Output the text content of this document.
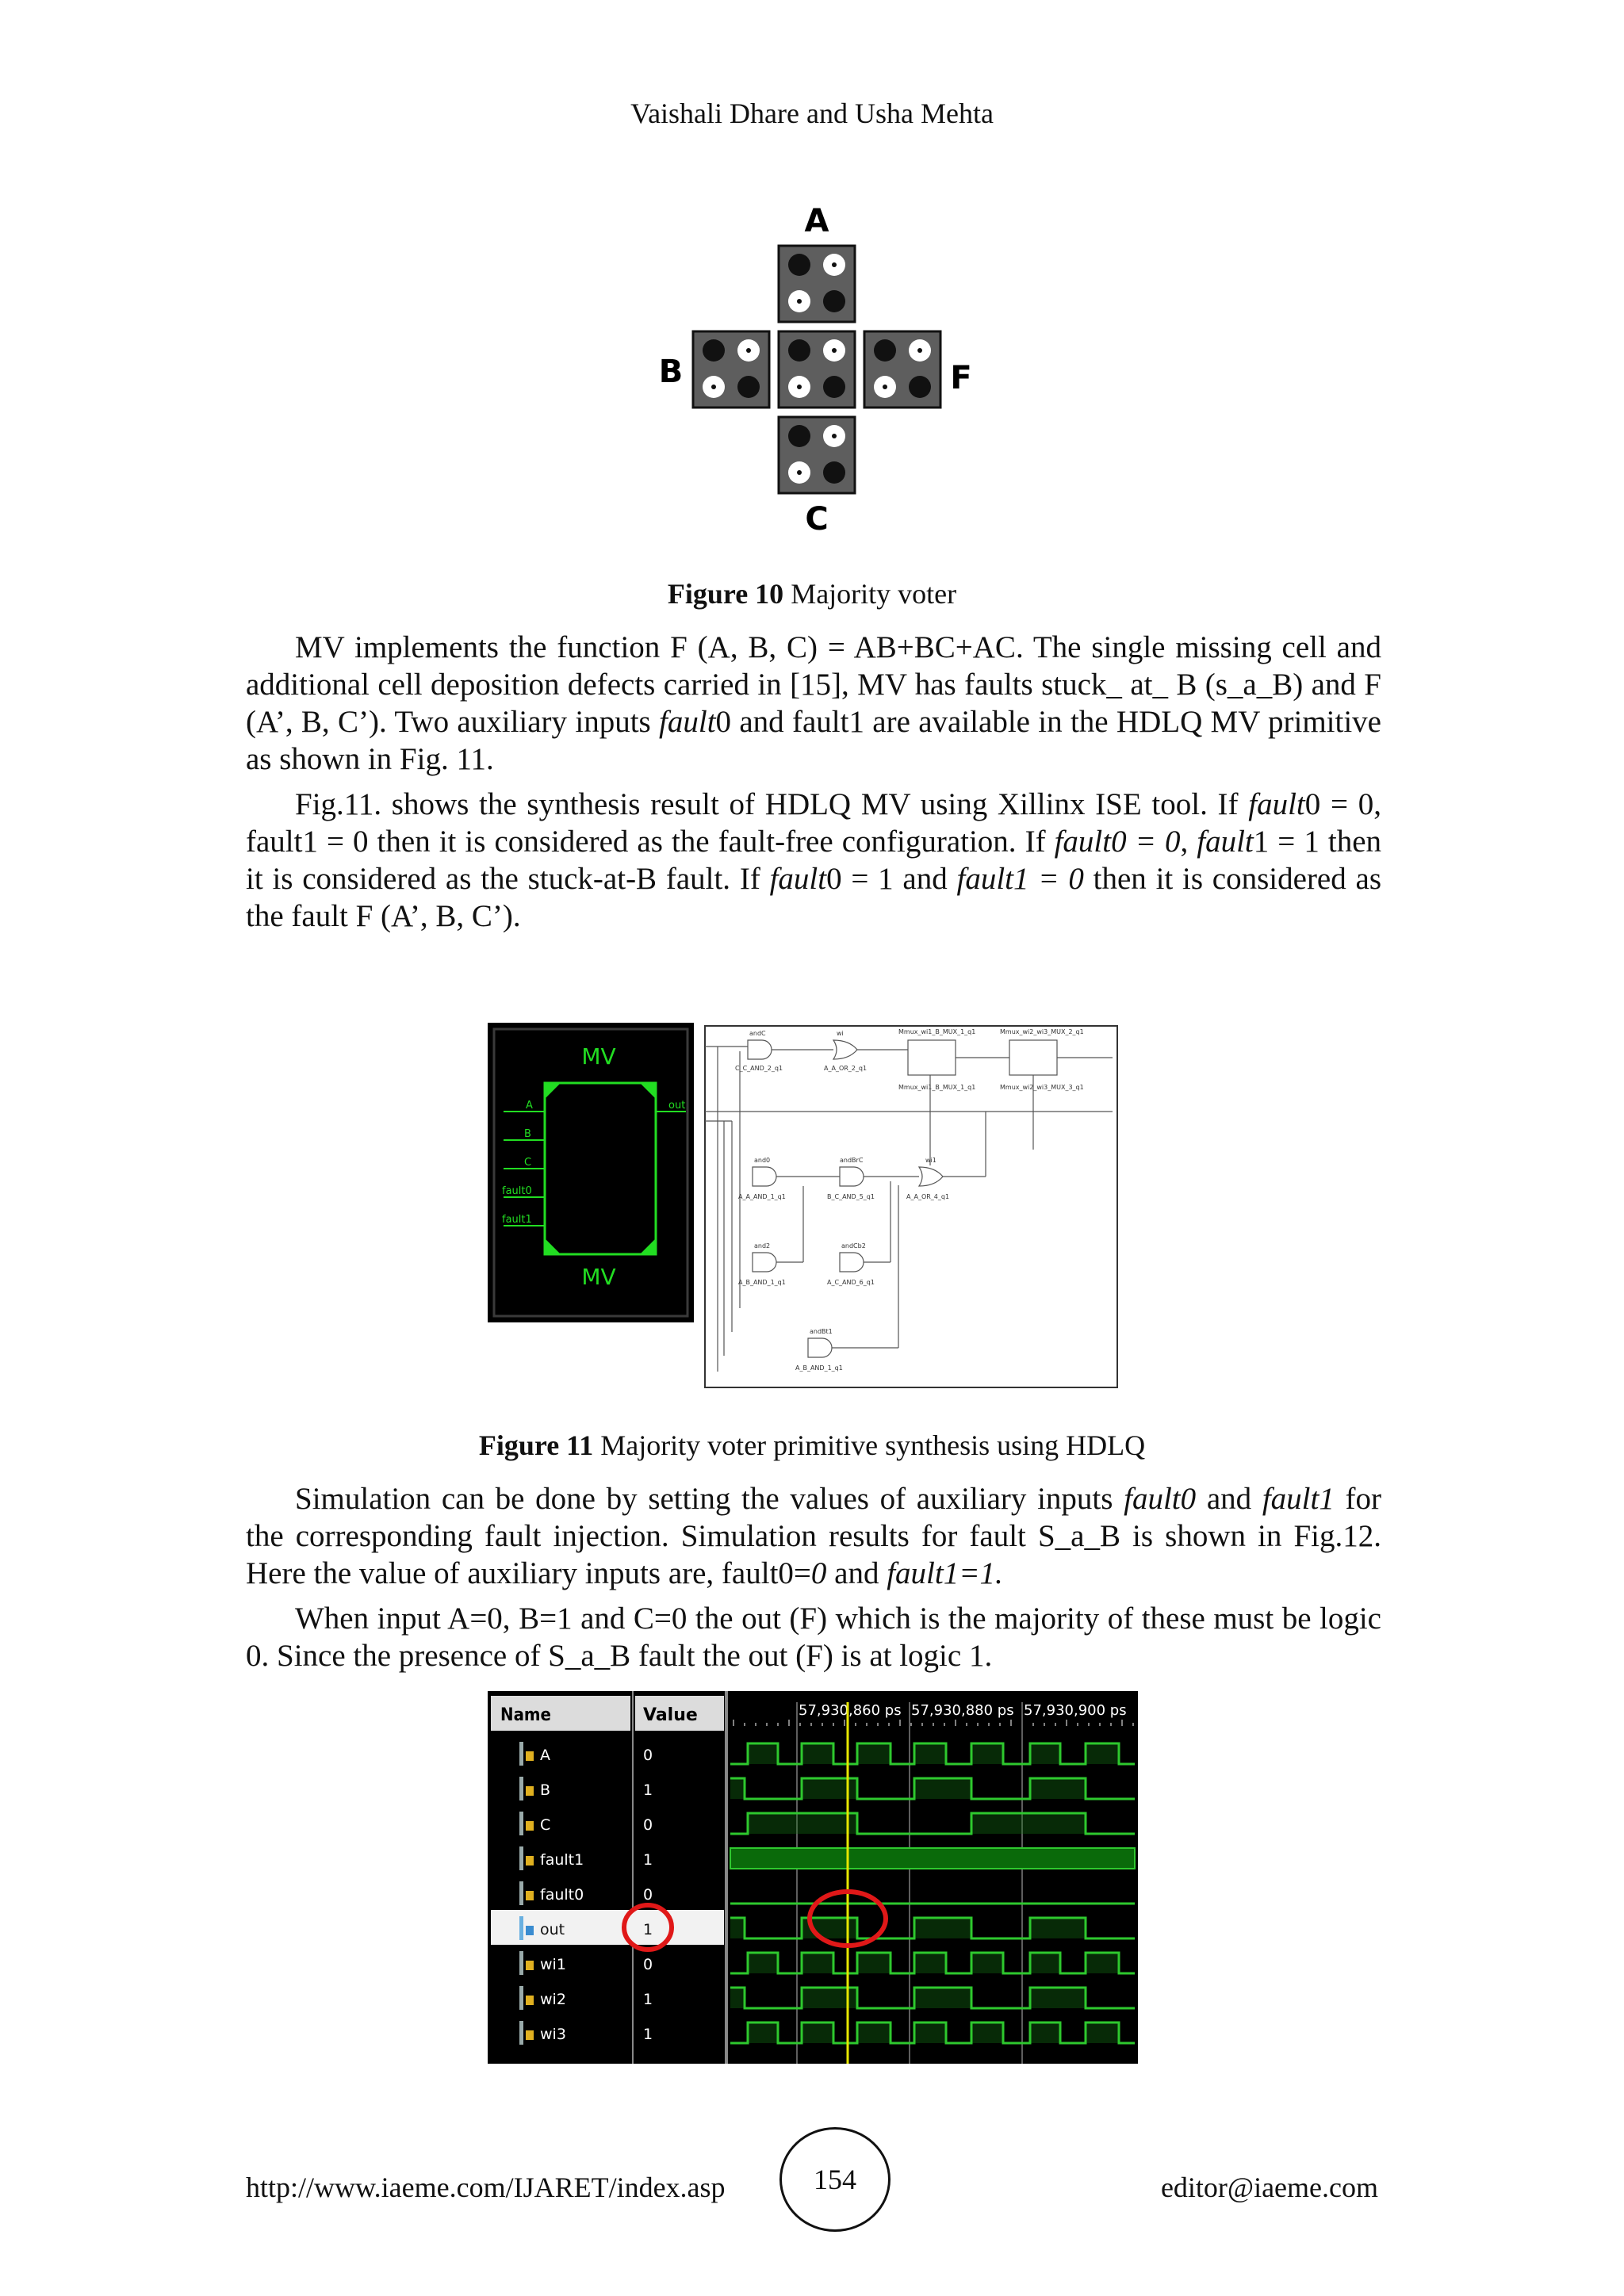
Vaishali Dhare and Usha Mehta
A
B	F
C
Figure 10 Majority voter

MV implements the function F (A, B, C) = AB+BC+AC. The single missing cell and additional cell deposition defects carried in [15], MV has faults stuck_ at_ B (s_a_B) and F (A’, B, C’). Two auxiliary inputs fault0 and fault1 are available in the HDLQ MV primitive as shown in Fig. 11.

Fig.11. shows the synthesis result of HDLQ MV using Xillinx ISE tool. If fault0 = 0, fault1 = 0 then it is considered as the fault-free configuration. If fault0 = 0, fault1 = 1 then it is considered as the stuck-at-B fault. If fault0 = 1 and fault1 = 0 then it is considered as the fault F (A’, B, C’).

MV
MV
A
B
C
fault0
fault1
out
andC
C_C_AND_2_q1
wi
A_A_OR_2_q1
Mmux_wi1_B_MUX_1_q1	Mmux_wi2_wi3_MUX_2_q1
Mmux_wi1_B_MUX_1_q1	Mmux_wi2_wi3_MUX_3_q1
and0
A_A_AND_1_q1
andBrC
B_C_AND_5_q1
wi1
A_A_OR_4_q1
and2
A_B_AND_1_q1
andCb2
A_C_AND_6_q1
andBt1
A_B_AND_1_q1
Figure 11 Majority voter primitive synthesis using HDLQ

Simulation can be done by setting the values of auxiliary inputs fault0 and fault1 for the corresponding fault injection. Simulation results for fault S_a_B is shown in Fig.12. Here the value of auxiliary inputs are, fault0=0 and fault1=1.

When input A=0, B=1 and C=0 the out (F) which is the majority of these must be logic 0. Since the presence of S_a_B fault the out (F) is at logic 1.

Name	Value	57,930,860 ps 57,930,880 ps 57,930,900 ps
A	0
B	1
C	0
fault1	1
fault0	0
out	1
wi1	0
wi2	1
wi3	1
http://www.iaeme.com/IJARET/index.asp	154	editor@iaeme.com
